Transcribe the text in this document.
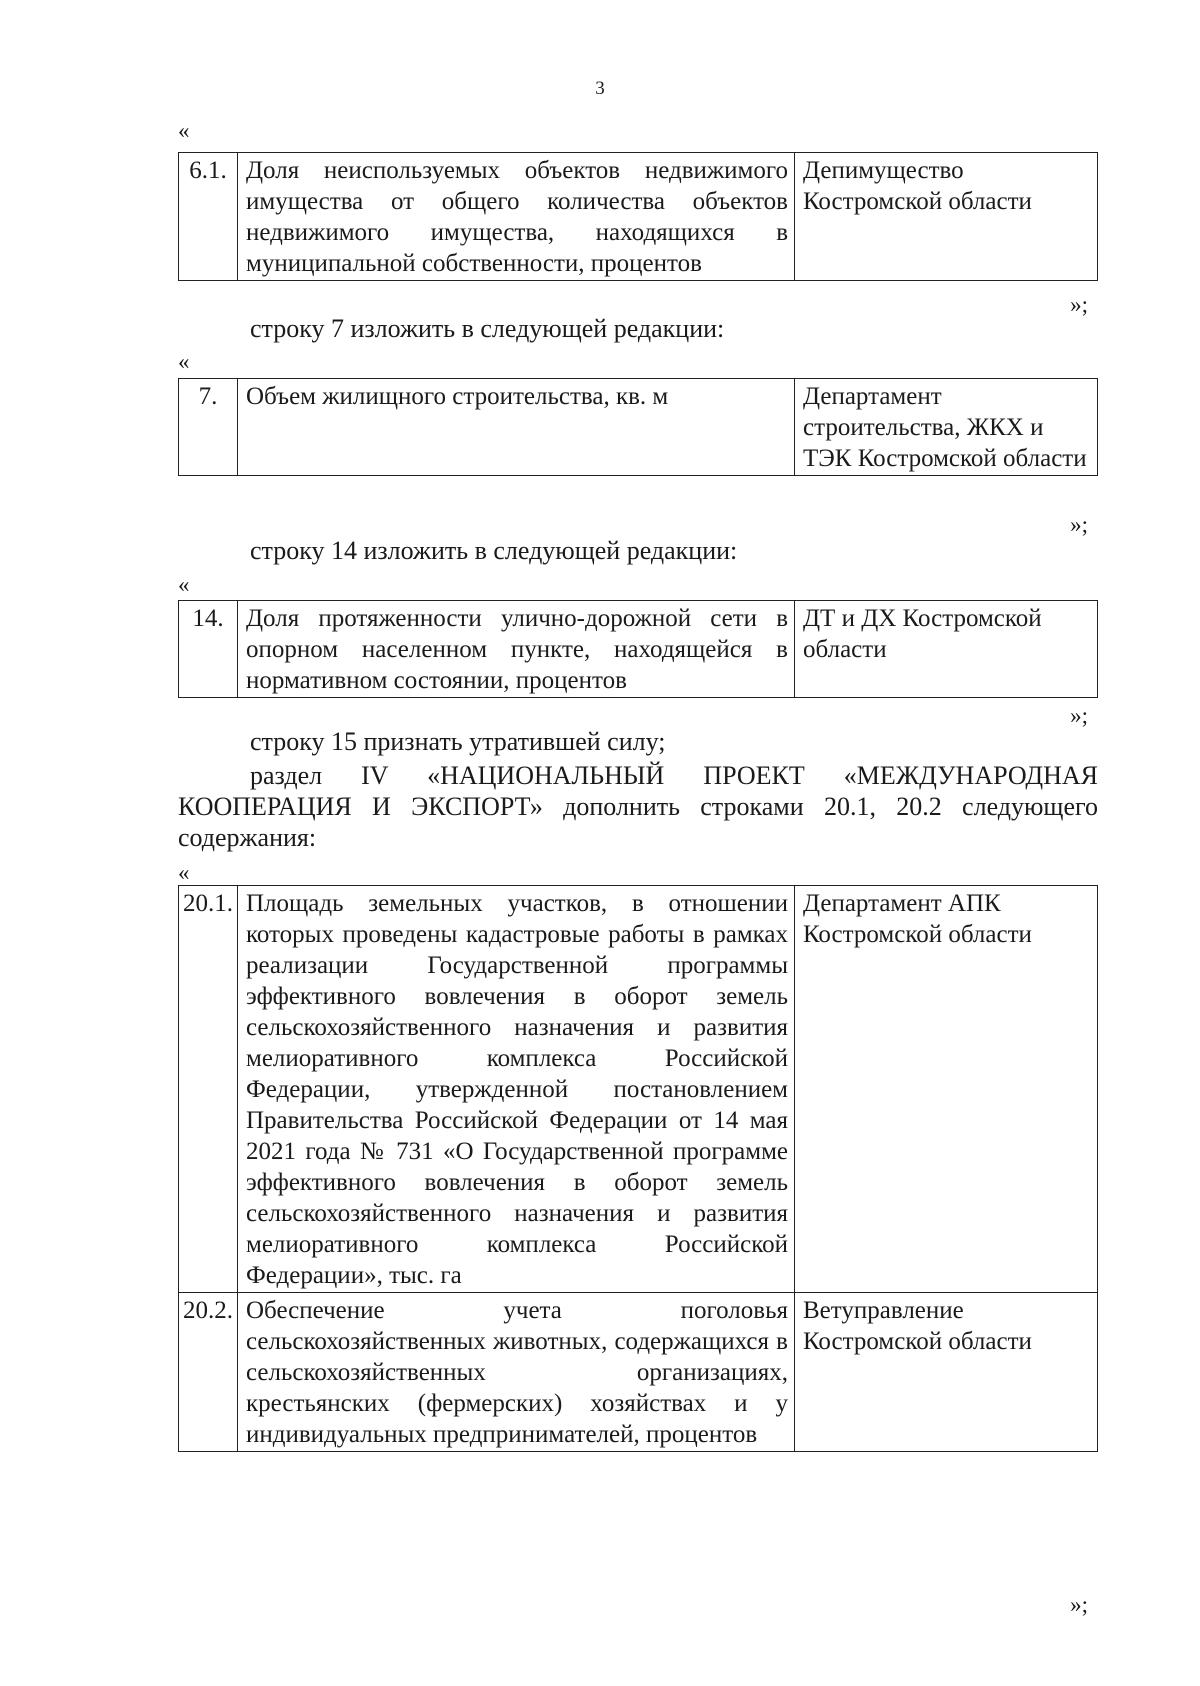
3
«
6.1.	Доля неиспользуемых объектов недвижимого имущества от общего количества объектов недвижимого имущества, находящихся в муниципальной собственности, процентов	Депимущество Костромской области
»;
строку 7 изложить в следующей редакции:
«
7.	Объем жилищного строительства, кв. м	Департамент строительства, ЖКХ и ТЭК Костромской области
»;
строку 14 изложить в следующей редакции:
«
14.	Доля протяженности улично-дорожной сети в опорном населенном пункте, находящейся в нормативном состоянии, процентов	ДТ и ДХ Костромской области
»;
строку 15 признать утратившей силу;
раздел IV «НАЦИОНАЛЬНЫЙ ПРОЕКТ «МЕЖДУНАРОДНАЯ КООПЕРАЦИЯ И ЭКСПОРТ» дополнить строками 20.1, 20.2 следующего содержания:
«
20.1.	Площадь земельных участков, в отношении которых проведены кадастровые работы в рамках реализации Государственной программы эффективного вовлечения в оборот земель сельскохозяйственного назначения и развития мелиоративного комплекса Российской Федерации, утвержденной постановлением Правительства Российской Федерации от 14 мая 2021 года № 731 «О Государственной программе эффективного вовлечения в оборот земель сельскохозяйственного назначения и развития мелиоративного комплекса Российской Федерации», тыс. га	Департамент АПК Костромской области
20.2.	Обеспечение учета поголовья сельскохозяйственных животных, содержащихся в сельскохозяйственных организациях, крестьянских (фермерских) хозяйствах и у индивидуальных предпринимателей, процентов	Ветуправление Костромской области
»;
